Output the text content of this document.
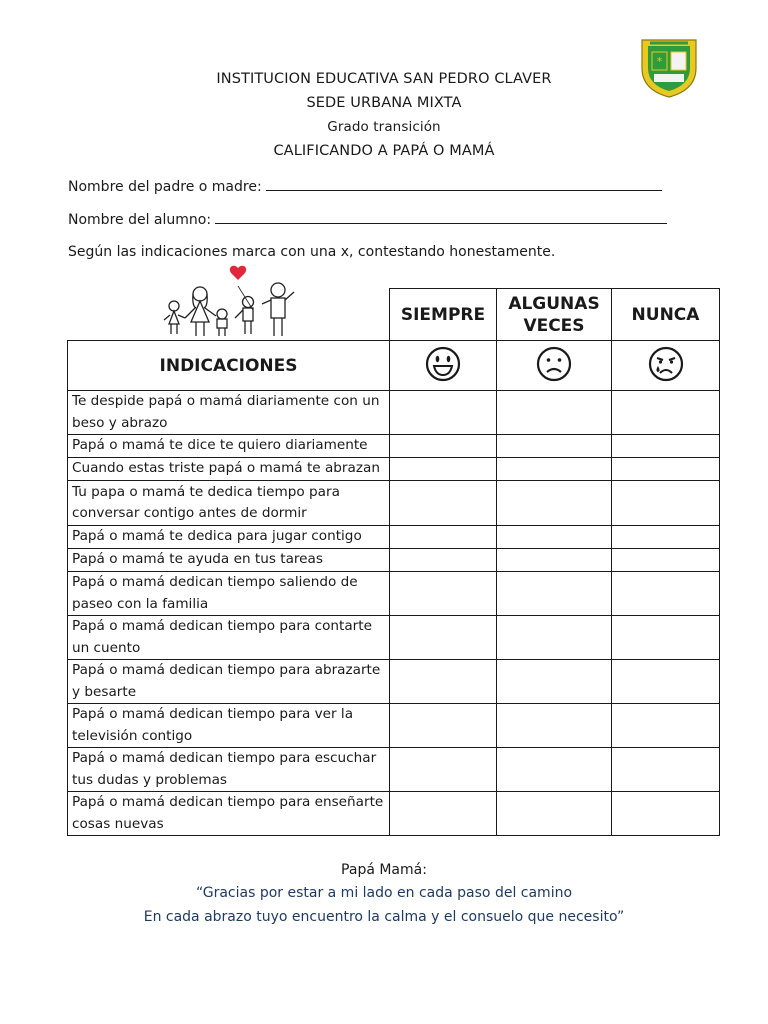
*
INSTITUCION EDUCATIVA SAN PEDRO CLAVER
SEDE URBANA MIXTA
Grado transición
CALIFICANDO A PAPÁ O MAMÁ
Nombre del padre o madre:
Nombre del alumno:
Según las indicaciones marca con una x, contestando honestamente.
	SIEMPRE	ALGUNAS VECES	NUNCA
INDICACIONES			
Te despide papá o mamá diariamente con un beso y abrazo			
Papá o mamá te dice te quiero diariamente			
Cuando estas triste papá o mamá te abrazan			
Tu papa o mamá te dedica tiempo para conversar contigo antes de dormir			
Papá o mamá te dedica para jugar contigo			
Papá o mamá te ayuda en tus tareas			
Papá o mamá dedican tiempo saliendo de paseo con la familia			
Papá o mamá dedican tiempo para contarte un cuento			
Papá o mamá dedican tiempo para abrazarte y besarte			
Papá o mamá dedican tiempo para ver la televisión contigo			
Papá o mamá dedican tiempo para escuchar tus dudas y problemas			
Papá o mamá dedican tiempo para enseñarte cosas nuevas			
Papá Mamá:
“Gracias por estar a mi lado en cada paso del camino
En cada abrazo tuyo encuentro la calma y el consuelo que necesito”
